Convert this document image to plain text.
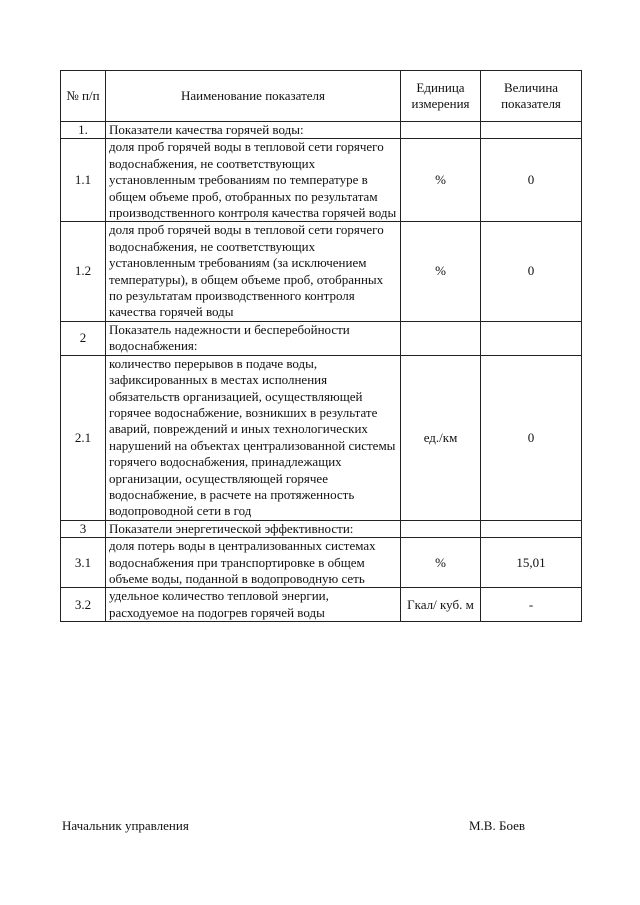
№ п/п	Наименование показателя	Единица измерения	Величина показателя
1.	Показатели качества горячей воды:		
1.1	доля проб горячей воды в тепловой сети горячего водоснабжения, не соответствующих установленным требованиям по температуре в общем объеме проб, отобранных по результатам производственного контроля качества горячей воды	%	0
1.2	доля проб горячей воды в тепловой сети горячего водоснабжения, не соответствующих установленным требованиям (за исключением температуры), в общем объеме проб, отобранных по результатам производственного контроля качества горячей воды	%	0
2	Показатель надежности и бесперебойности водоснабжения:		
2.1	количество перерывов в подаче воды, зафиксированных в местах исполнения обязательств организацией, осуществляющей горячее водоснабжение, возникших в результате аварий, повреждений и иных технологических нарушений на объектах централизованной системы горячего водоснабжения, принадлежащих организации, осуществляющей горячее водоснабжение, в расчете на протяженность водопроводной сети в год	ед./км	0
3	Показатели энергетической эффективности:		
3.1	доля потерь воды в централизованных системах водоснабжения при транспортировке в общем объеме воды, поданной в водопроводную сеть	%	15,01
3.2	удельное количество тепловой энергии, расходуемое на подогрев горячей воды	Гкал/ куб. м	-
Начальник управления	М.В. Боев
